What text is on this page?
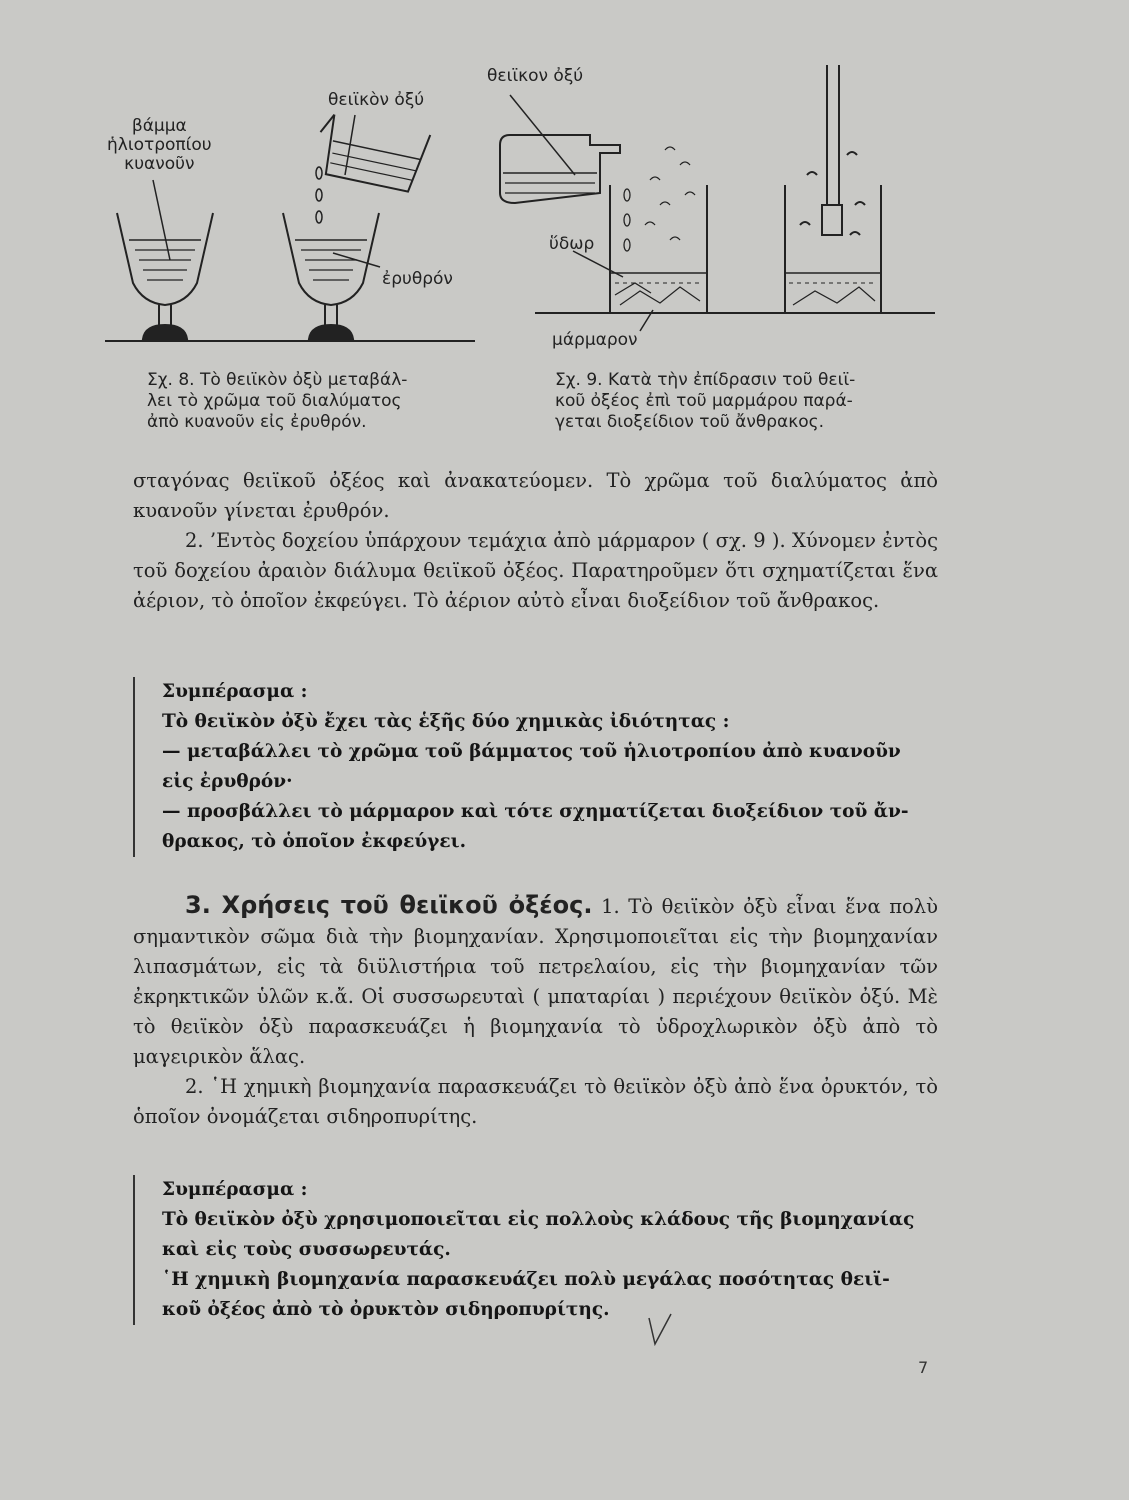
βάμμα
ἡλιοτροπίου
κυανοῦν
θειϊκὸν ὀξύ
ἐρυθρόν
θειϊκον ὀξύ
ὕδωρ
μάρμαρον
Σχ. 8. Τὸ θειϊκὸν ὀξὺ μεταβάλ-
λει τὸ χρῶμα τοῦ διαλύματος
ἀπὸ κυανοῦν εἰς ἐρυθρόν.
Σχ. 9. Κατὰ τὴν ἐπίδρασιν τοῦ θειϊ-
κοῦ ὀξέος ἐπὶ τοῦ μαρμάρου παρά-
γεται διοξείδιον τοῦ ἄνθρακος.
σταγόνας θειϊκοῦ ὀξέος καὶ ἀνακατεύομεν. Τὸ χρῶμα τοῦ διαλύματος ἀπὸ κυανοῦν γίνεται ἐρυθρόν.
2. ’Εντὸς δοχείου ὑπάρχουν τεμάχια ἀπὸ μάρμαρον ( σχ. 9 ). Χύνομεν ἐντὸς τοῦ δοχείου ἀραιὸν διάλυμα θειϊκοῦ ὀξέος. Παρατηροῦμεν ὅτι σχηματίζεται ἕνα ἀέριον, τὸ ὁποῖον ἐκφεύγει. Τὸ ἀέριον αὐτὸ εἶναι διοξείδιον τοῦ ἄνθρακος.
Συμπέρασμα :
Τὸ θειϊκὸν ὀξὺ ἔχει τὰς ἑξῆς δύο χημικὰς ἰδιότητας :
— μεταβάλλει τὸ χρῶμα τοῦ βάμματος τοῦ ἡλιοτροπίου ἀπὸ κυανοῦν
εἰς ἐρυθρόν·
— προσβάλλει τὸ μάρμαρον καὶ τότε σχηματίζεται διοξείδιον τοῦ ἄν-
θρακος, τὸ ὁποῖον ἐκφεύγει.
3. Χρήσεις τοῦ θειϊκοῦ ὀξέος. 1. Τὸ θειϊκὸν ὀξὺ εἶναι ἕνα πολὺ σημαντικὸν σῶμα διὰ τὴν βιομηχανίαν. Χρησιμοποιεῖται εἰς τὴν βιομηχανίαν λιπασμάτων, εἰς τὰ διϋλιστήρια τοῦ πετρελαίου, εἰς τὴν βιομηχανίαν τῶν ἐκρηκτικῶν ὑλῶν κ.ἄ. Οἱ συσσωρευταὶ ( μπαταρίαι ) περιέχουν θειϊκὸν ὀξύ. Μὲ τὸ θειϊκὸν ὀξὺ παρασκευάζει ἡ βιομηχανία τὸ ὑδροχλωρικὸν ὀξὺ ἀπὸ τὸ μαγειρικὸν ἅλας.
2. ῾Η χημικὴ βιομηχανία παρασκευάζει τὸ θειϊκὸν ὀξὺ ἀπὸ ἕνα ὀρυκτόν, τὸ ὁποῖον ὀνομάζεται σιδηροπυρίτης.
Συμπέρασμα :
Τὸ θειϊκὸν ὀξὺ χρησιμοποιεῖται εἰς πολλοὺς κλάδους τῆς βιομηχανίας
καὶ εἰς τοὺς συσσωρευτάς.
῾Η χημικὴ βιομηχανία παρασκευάζει πολὺ μεγάλας ποσότητας θειϊ-
κοῦ ὀξέος ἀπὸ τὸ ὀρυκτὸν σιδηροπυρίτης.
7
